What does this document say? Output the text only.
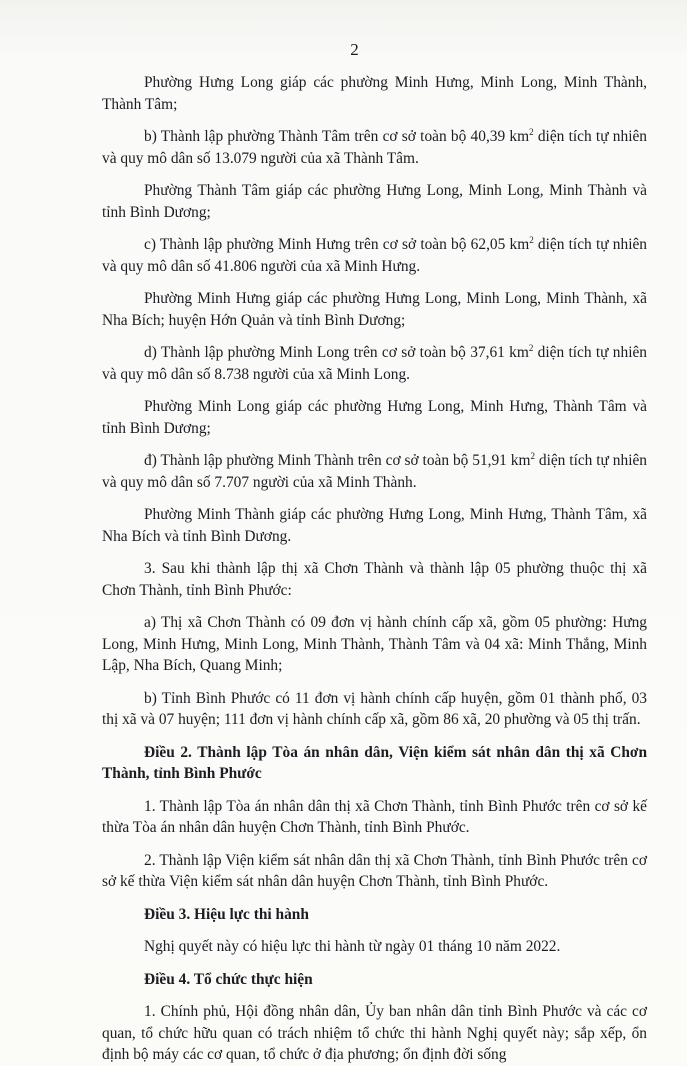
2

Phường Hưng Long giáp các phường Minh Hưng, Minh Long, Minh Thành, Thành Tâm;

b) Thành lập phường Thành Tâm trên cơ sở toàn bộ 40,39 $km^2$ diện tích tự nhiên và quy mô dân số 13.079 người của xã Thành Tâm.

Phường Thành Tâm giáp các phường Hưng Long, Minh Long, Minh Thành và tỉnh Bình Dương;

c) Thành lập phường Minh Hưng trên cơ sở toàn bộ 62,05 $km^2$ diện tích tự nhiên và quy mô dân số 41.806 người của xã Minh Hưng.

Phường Minh Hưng giáp các phường Hưng Long, Minh Long, Minh Thành, xã Nha Bích; huyện Hớn Quản và tỉnh Bình Dương;

d) Thành lập phường Minh Long trên cơ sở toàn bộ 37,61 $km^2$ diện tích tự nhiên và quy mô dân số 8.738 người của xã Minh Long.

Phường Minh Long giáp các phường Hưng Long, Minh Hưng, Thành Tâm và tỉnh Bình Dương;

đ) Thành lập phường Minh Thành trên cơ sở toàn bộ 51,91 $km^2$ diện tích tự nhiên và quy mô dân số 7.707 người của xã Minh Thành.

Phường Minh Thành giáp các phường Hưng Long, Minh Hưng, Thành Tâm, xã Nha Bích và tỉnh Bình Dương.

3. Sau khi thành lập thị xã Chơn Thành và thành lập 05 phường thuộc thị xã Chơn Thành, tỉnh Bình Phước:

a) Thị xã Chơn Thành có 09 đơn vị hành chính cấp xã, gồm 05 phường: Hưng Long, Minh Hưng, Minh Long, Minh Thành, Thành Tâm và 04 xã: Minh Thắng, Minh Lập, Nha Bích, Quang Minh;

b) Tỉnh Bình Phước có 11 đơn vị hành chính cấp huyện, gồm 01 thành phố, 03 thị xã và 07 huyện; 111 đơn vị hành chính cấp xã, gồm 86 xã, 20 phường và 05 thị trấn.

Điều 2. Thành lập Tòa án nhân dân, Viện kiểm sát nhân dân thị xã Chơn Thành, tỉnh Bình Phước

1. Thành lập Tòa án nhân dân thị xã Chơn Thành, tỉnh Bình Phước trên cơ sở kế thừa Tòa án nhân dân huyện Chơn Thành, tỉnh Bình Phước.

2. Thành lập Viện kiểm sát nhân dân thị xã Chơn Thành, tỉnh Bình Phước trên cơ sở kế thừa Viện kiểm sát nhân dân huyện Chơn Thành, tỉnh Bình Phước.

Điều 3. Hiệu lực thi hành

Nghị quyết này có hiệu lực thi hành từ ngày 01 tháng 10 năm 2022.

Điều 4. Tổ chức thực hiện

1. Chính phủ, Hội đồng nhân dân, Ủy ban nhân dân tỉnh Bình Phước và các cơ quan, tổ chức hữu quan có trách nhiệm tổ chức thi hành Nghị quyết này; sắp xếp, ổn định bộ máy các cơ quan, tổ chức ở địa phương; ổn định đời sống
